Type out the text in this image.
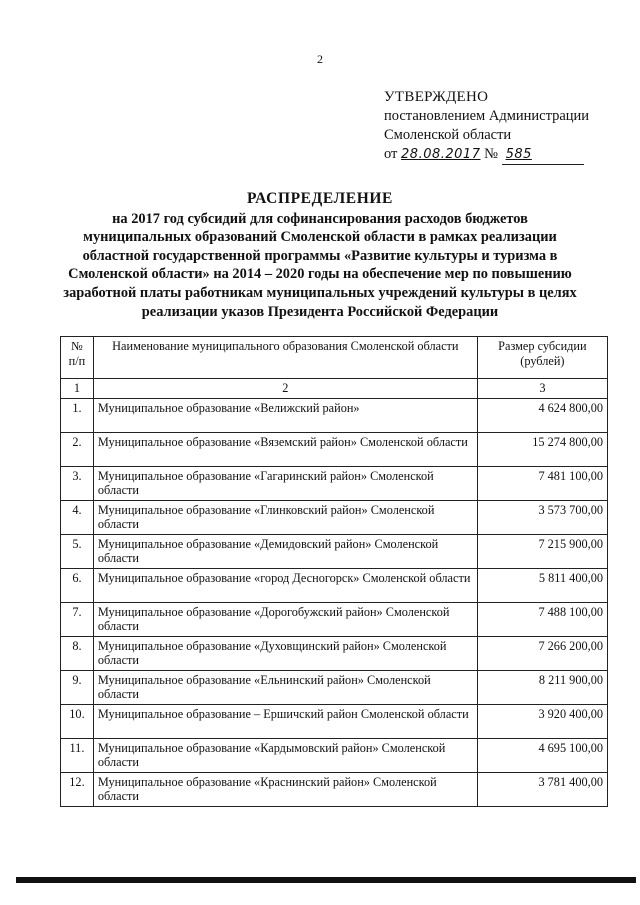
2
УТВЕРЖДЕНО
постановлением Администрации
Смоленской области
от 28.08.2017 № 585
РАСПРЕДЕЛЕНИЕ
на 2017 год субсидий для софинансирования расходов бюджетов
муниципальных образований Смоленской области в рамках реализации
областной государственной программы «Развитие культуры и туризма в
Смоленской области» на 2014 – 2020 годы на обеспечение мер по повышению
заработной платы работникам муниципальных учреждений культуры в целях
реализации указов Президента Российской Федерации
№ п/п	Наименование муниципального образования Смоленской области	Размер субсидии (рублей)
1	2	3
1.	Муниципальное образование «Велижский район»	4 624 800,00
2.	Муниципальное образование «Вяземский район» Смоленской области	15 274 800,00
3.	Муниципальное образование «Гагаринский район» Смоленской области	7 481 100,00
4.	Муниципальное образование «Глинковский район» Смоленской области	3 573 700,00
5.	Муниципальное образование «Демидовский район» Смоленской области	7 215 900,00
6.	Муниципальное образование «город Десногорск» Смоленской области	5 811 400,00
7.	Муниципальное образование «Дорогобужский район» Смоленской области	7 488 100,00
8.	Муниципальное образование «Духовщинский район» Смоленской области	7 266 200,00
9.	Муниципальное образование «Ельнинский район» Смоленской области	8 211 900,00
10.	Муниципальное образование – Ершичский район Смоленской области	3 920 400,00
11.	Муниципальное образование «Кардымовский район» Смоленской области	4 695 100,00
12.	Муниципальное образование «Краснинский район» Смоленской области	3 781 400,00
